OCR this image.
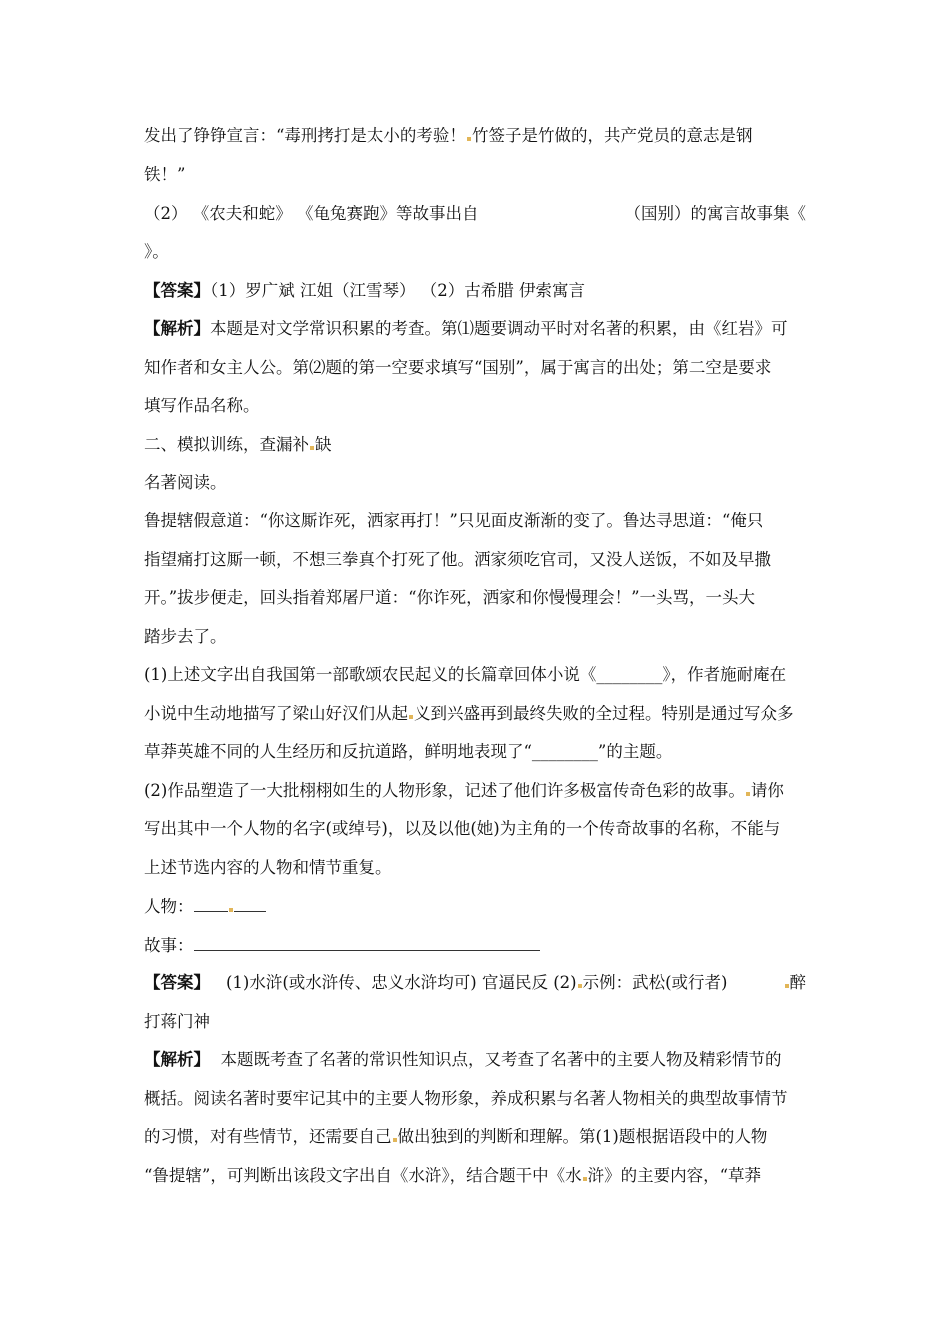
发出了铮铮宣言：“毒刑拷打是太小的考验！ 竹签子是竹做的，共产党员的意志是钢
铁！”
（2） 《农夫和蛇》 《龟兔赛跑》等故事出自	（国别）的寓言故事集《
》。
【答案】（1）罗广斌 江姐（江雪琴） （2）古希腊 伊索寓言
【解析】本题是对文学常识积累的考查。第⑴题要调动平时对名著的积累，由《红岩》可
知作者和女主人公。第⑵题的第一空要求填写“国别”，属于寓言的出处；第二空是要求
填写作品名称。
二、模拟训练，查漏补 缺
名著阅读。
鲁提辖假意道：“你这厮诈死，洒家再打！”只见面皮渐渐的变了。鲁达寻思道：“俺只
指望痛打这厮一顿，不想三拳真个打死了他。洒家须吃官司，又没人送饭，不如及早撒
开。”拔步便走，回头指着郑屠尸道：“你诈死，洒家和你慢慢理会！”一头骂，一头大
踏步去了。
(1)上述文字出自我国第一部歌颂农民起义的长篇章回体小说《________》，作者施耐庵在
小说中生动地描写了梁山好汉们从起 义到兴盛再到最终失败的全过程。特别是通过写众多
草莽英雄不同的人生经历和反抗道路，鲜明地表现了“________”的主题。
(2)作品塑造了一大批栩栩如生的人物形象，记述了他们许多极富传奇色彩的故事。 请你
写出其中一个人物的名字(或绰号)，以及以他(她)为主角的一个传奇故事的名称，不能与
上述节选内容的人物和情节重复。
人物：
故事：
【答案】 (1)水浒(或水浒传、忠义水浒均可) 官逼民反 (2) 示例：武松(或行者)	醉
打蒋门神
【解析】  本题既考查了名著的常识性知识点，又考查了名著中的主要人物及精彩情节的
概括。阅读名著时要牢记其中的主要人物形象，养成积累与名著人物相关的典型故事情节
的习惯，对有些情节，还需要自己 做出独到的判断和理解。第(1)题根据语段中的人物
“鲁提辖”，可判断出该段文字出自《水浒》，结合题干中《水 浒》的主要内容，“草莽
